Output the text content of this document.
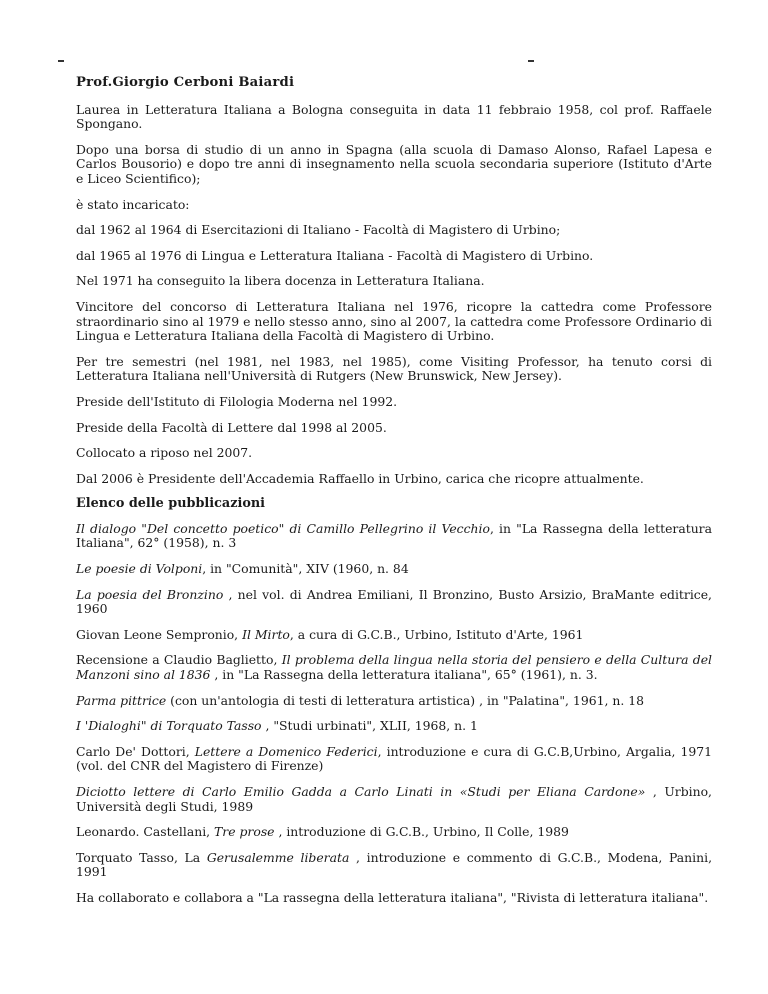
Prof.Giorgio Cerboni Baiardi
Laurea in Letteratura Italiana a Bologna conseguita in data 11 febbraio 1958, col prof. Raffaele Spongano.
Dopo una borsa di studio di un anno in Spagna (alla scuola di Damaso Alonso, Rafael Lapesa e Carlos Bousorio) e dopo tre anni di insegnamento nella scuola secondaria superiore (Istituto d'Arte e Liceo Scientifico);
è stato incaricato:
dal 1962 al 1964 di Esercitazioni di Italiano - Facoltà di Magistero di Urbino;
dal 1965 al 1976 di Lingua e Letteratura Italiana - Facoltà di Magistero di Urbino.
Nel 1971 ha conseguito la libera docenza in Letteratura Italiana.
Vincitore del concorso di Letteratura Italiana nel 1976, ricopre la cattedra come Professore straordinario sino al 1979 e nello stesso anno, sino al 2007, la cattedra come Professore Ordinario di Lingua e Letteratura Italiana della Facoltà di Magistero di Urbino.
Per tre semestri (nel 1981, nel 1983, nel 1985), come Visiting Professor, ha tenuto corsi di Letteratura Italiana nell'Università di Rutgers (New Brunswick, New Jersey).
Preside dell'Istituto di Filologia Moderna nel 1992.
Preside della Facoltà di Lettere dal 1998 al 2005.
Collocato a riposo nel 2007.
Dal 2006 è Presidente dell'Accademia Raffaello in Urbino, carica che ricopre attualmente.
Elenco delle pubblicazioni
Il dialogo "Del concetto poetico" di Camillo Pellegrino il Vecchio, in "La Rassegna della letteratura Italiana", 62° (1958), n. 3
Le poesie di Volponi, in "Comunità", XIV (1960, n. 84
La poesia del Bronzino , nel vol. di Andrea Emiliani, Il Bronzino, Busto Arsizio, BraMante editrice, 1960
Giovan Leone Sempronio, Il Mirto, a cura di G.C.B., Urbino, Istituto d'Arte, 1961
Recensione a Claudio Baglietto, Il problema della lingua nella storia del pensiero e della Cultura del Manzoni sino al 1836 , in "La Rassegna della letteratura italiana", 65° (1961), n. 3.
Parma pittrice (con un'antologia di testi di letteratura artistica) , in "Palatina", 1961, n. 18
I 'Dialoghi" di Torquato Tasso , "Studi urbinati", XLII, 1968, n. 1
Carlo De' Dottori, Lettere a Domenico Federici, introduzione e cura di G.C.B,Urbino, Argalia, 1971 (vol. del CNR del Magistero di Firenze)
Diciotto lettere di Carlo Emilio Gadda a Carlo Linati in «Studi per Eliana Cardone» , Urbino, Università degli Studi, 1989
Leonardo. Castellani, Tre prose , introduzione di G.C.B., Urbino, Il Colle, 1989
Torquato Tasso, La Gerusalemme liberata , introduzione e commento di G.C.B., Modena, Panini, 1991
Ha collaborato e collabora a "La rassegna della letteratura italiana", "Rivista di letteratura italiana".
